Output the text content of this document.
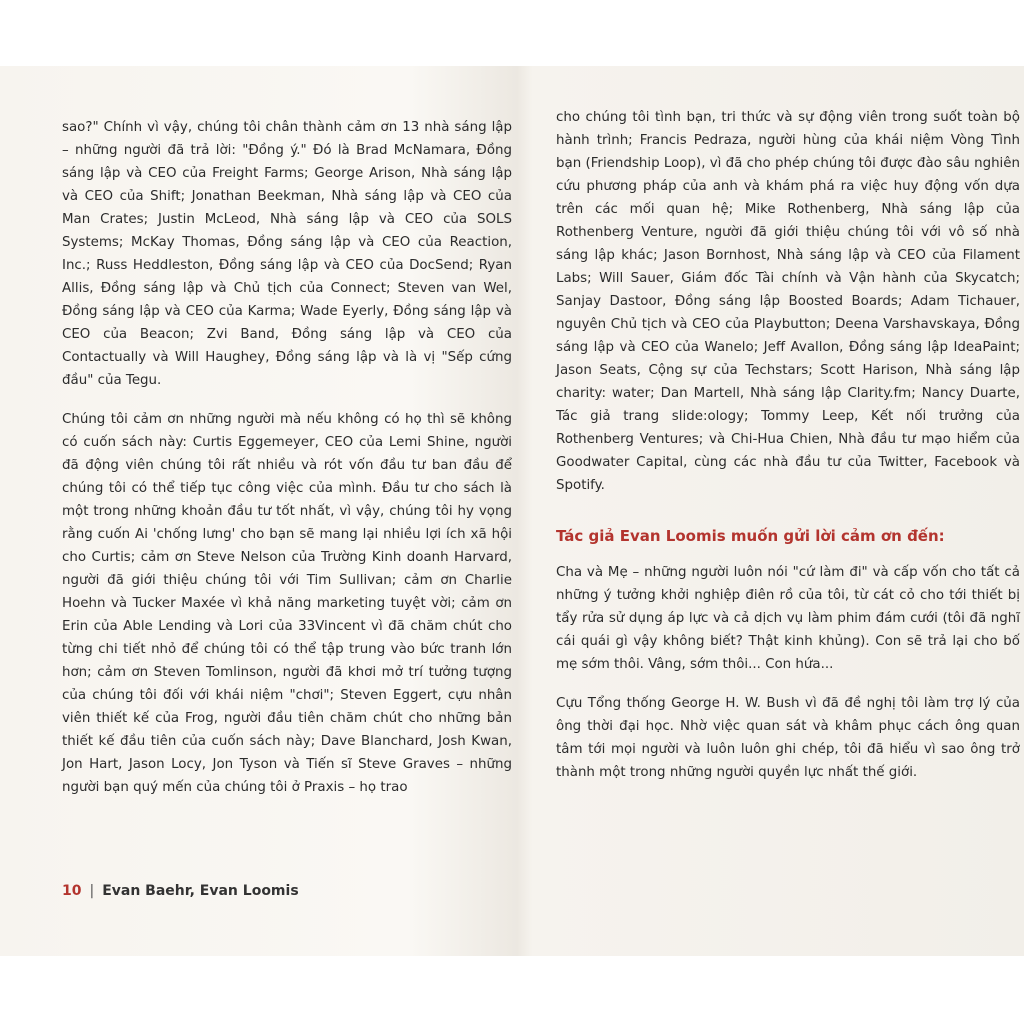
sao?" Chính vì vậy, chúng tôi chân thành cảm ơn 13 nhà sáng lập – những người đã trả lời: "Đồng ý." Đó là Brad McNamara, Đồng sáng lập và CEO của Freight Farms; George Arison, Nhà sáng lập và CEO của Shift; Jonathan Beekman, Nhà sáng lập và CEO của Man Crates; Justin McLeod, Nhà sáng lập và CEO của SOLS Systems; McKay Thomas, Đồng sáng lập và CEO của Reaction, Inc.; Russ Heddleston, Đồng sáng lập và CEO của DocSend; Ryan Allis, Đồng sáng lập và Chủ tịch của Connect; Steven van Wel, Đồng sáng lập và CEO của Karma; Wade Eyerly, Đồng sáng lập và CEO của Beacon; Zvi Band, Đồng sáng lập và CEO của Contactually và Will Haughey, Đồng sáng lập và là vị "Sếp cứng đầu" của Tegu.

Chúng tôi cảm ơn những người mà nếu không có họ thì sẽ không có cuốn sách này: Curtis Eggemeyer, CEO của Lemi Shine, người đã động viên chúng tôi rất nhiều và rót vốn đầu tư ban đầu để chúng tôi có thể tiếp tục công việc của mình. Đầu tư cho sách là một trong những khoản đầu tư tốt nhất, vì vậy, chúng tôi hy vọng rằng cuốn Ai 'chống lưng' cho bạn sẽ mang lại nhiều lợi ích xã hội cho Curtis; cảm ơn Steve Nelson của Trường Kinh doanh Harvard, người đã giới thiệu chúng tôi với Tim Sullivan; cảm ơn Charlie Hoehn và Tucker Maxée vì khả năng marketing tuyệt vời; cảm ơn Erin của Able Lending và Lori của 33Vincent vì đã chăm chút cho từng chi tiết nhỏ để chúng tôi có thể tập trung vào bức tranh lớn hơn; cảm ơn Steven Tomlinson, người đã khơi mở trí tưởng tượng của chúng tôi đối với khái niệm "chơi"; Steven Eggert, cựu nhân viên thiết kế của Frog, người đầu tiên chăm chút cho những bản thiết kế đầu tiên của cuốn sách này; Dave Blanchard, Josh Kwan, Jon Hart, Jason Locy, Jon Tyson và Tiến sĩ Steve Graves – những người bạn quý mến của chúng tôi ở Praxis – họ trao

10 | Evan Baehr, Evan Loomis

cho chúng tôi tình bạn, tri thức và sự động viên trong suốt toàn bộ hành trình; Francis Pedraza, người hùng của khái niệm Vòng Tình bạn (Friendship Loop), vì đã cho phép chúng tôi được đào sâu nghiên cứu phương pháp của anh và khám phá ra việc huy động vốn dựa trên các mối quan hệ; Mike Rothenberg, Nhà sáng lập của Rothenberg Venture, người đã giới thiệu chúng tôi với vô số nhà sáng lập khác; Jason Bornhost, Nhà sáng lập và CEO của Filament Labs; Will Sauer, Giám đốc Tài chính và Vận hành của Skycatch; Sanjay Dastoor, Đồng sáng lập Boosted Boards; Adam Tichauer, nguyên Chủ tịch và CEO của Playbutton; Deena Varshavskaya, Đồng sáng lập và CEO của Wanelo; Jeff Avallon, Đồng sáng lập IdeaPaint; Jason Seats, Cộng sự của Techstars; Scott Harison, Nhà sáng lập charity: water; Dan Martell, Nhà sáng lập Clarity.fm; Nancy Duarte, Tác giả trang slide:ology; Tommy Leep, Kết nối trưởng của Rothenberg Ventures; và Chi-Hua Chien, Nhà đầu tư mạo hiểm của Goodwater Capital, cùng các nhà đầu tư của Twitter, Facebook và Spotify.

Tác giả Evan Loomis muốn gửi lời cảm ơn đến:

Cha và Mẹ – những người luôn nói "cứ làm đi" và cấp vốn cho tất cả những ý tưởng khởi nghiệp điên rồ của tôi, từ cát cỏ cho tới thiết bị tẩy rửa sử dụng áp lực và cả dịch vụ làm phim đám cưới (tôi đã nghĩ cái quái gì vậy không biết? Thật kinh khủng). Con sẽ trả lại cho bố mẹ sớm thôi. Vâng, sớm thôi... Con hứa...

Cựu Tổng thống George H. W. Bush vì đã đề nghị tôi làm trợ lý của ông thời đại học. Nhờ việc quan sát và khâm phục cách ông quan tâm tới mọi người và luôn luôn ghi chép, tôi đã hiểu vì sao ông trở thành một trong những người quyền lực nhất thế giới.
